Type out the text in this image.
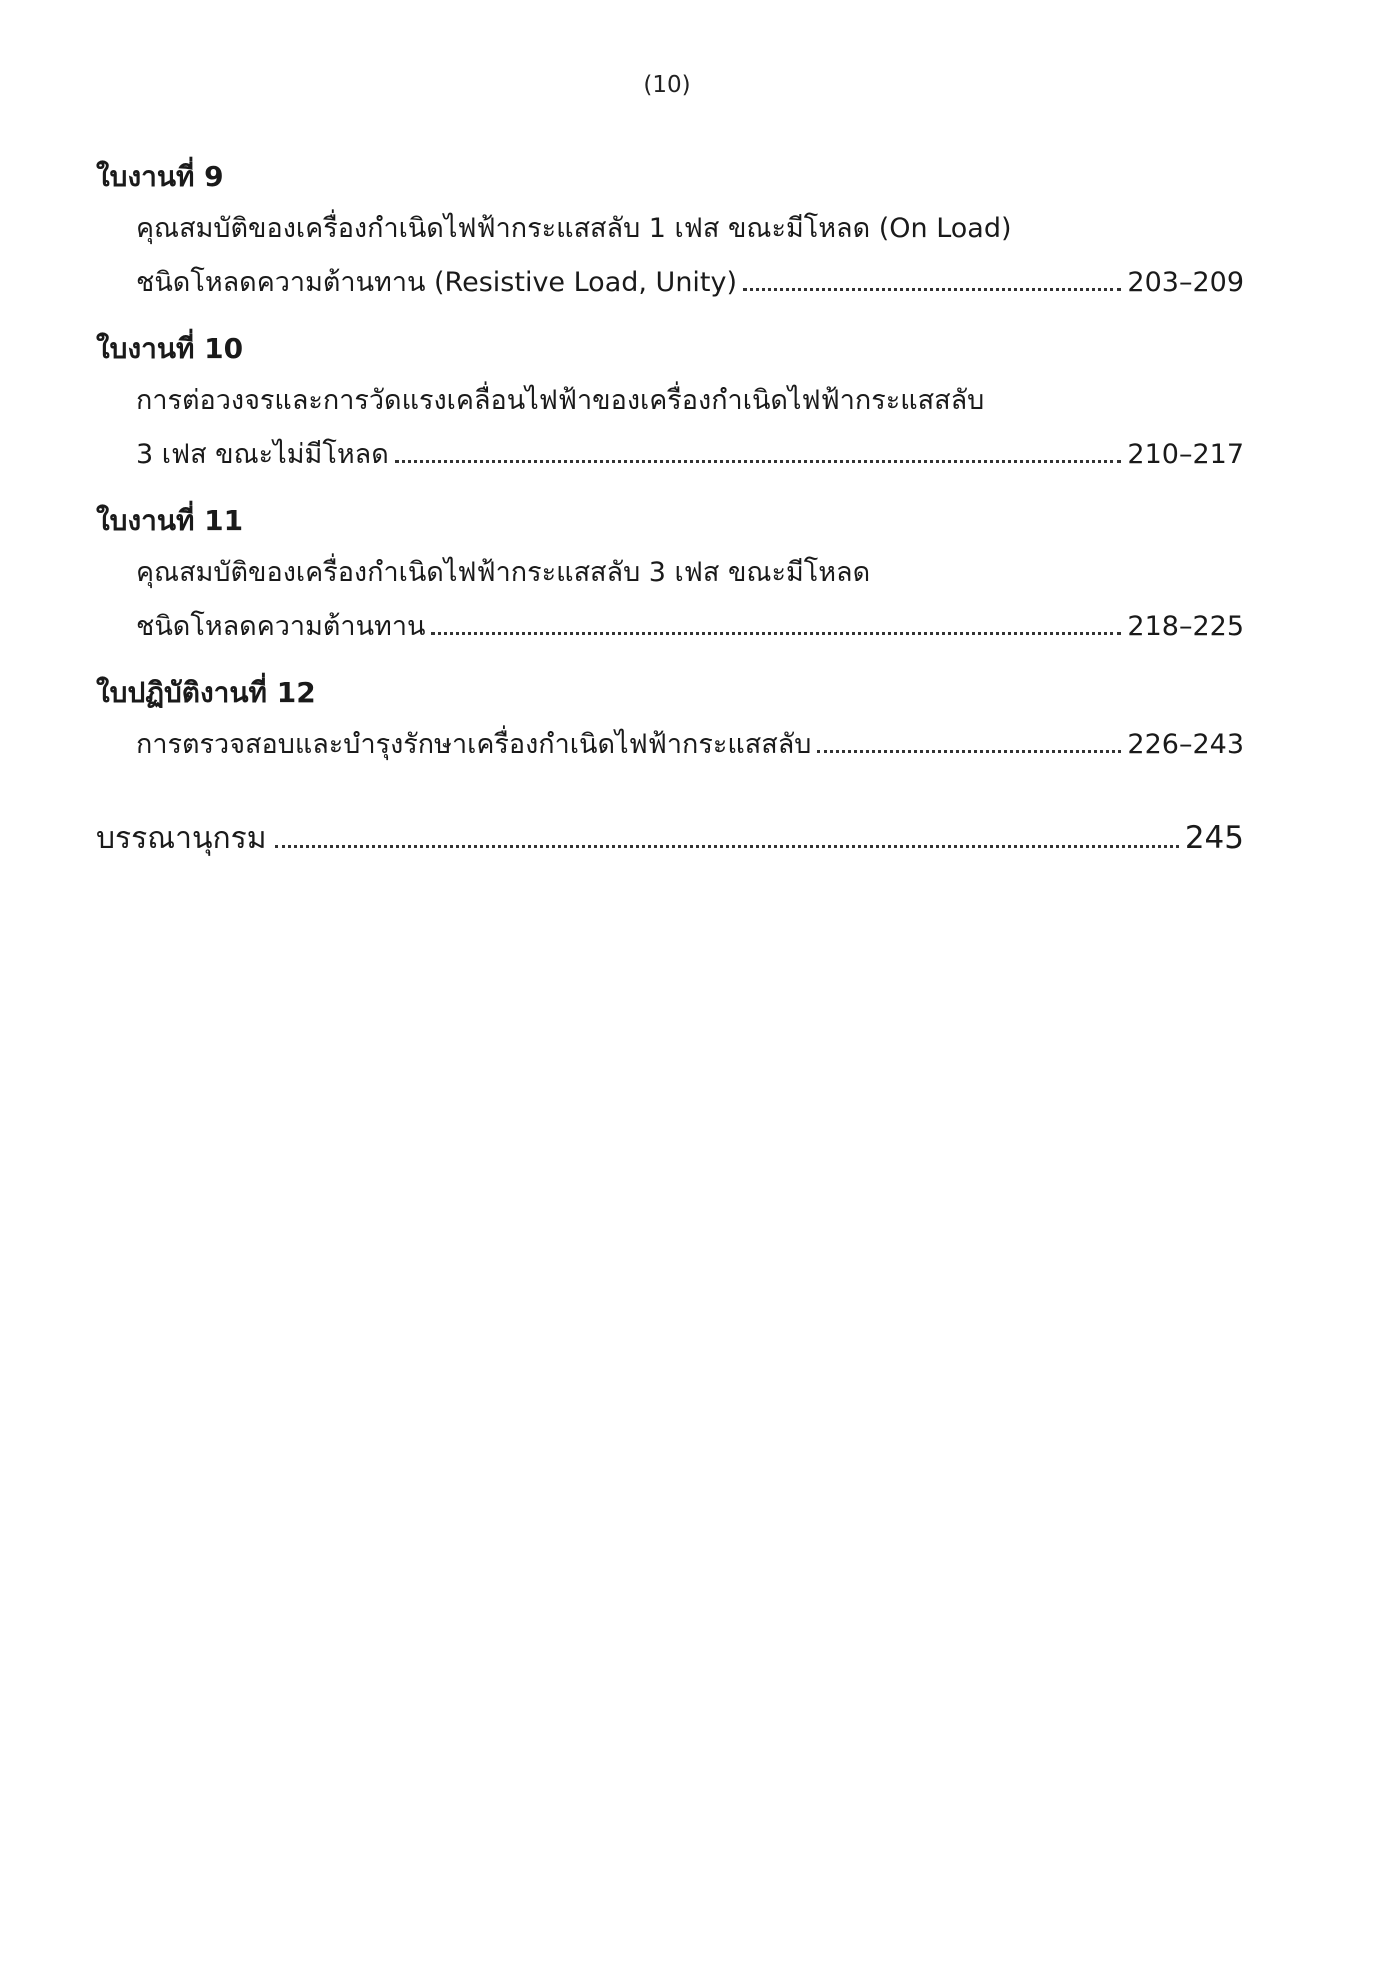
(10)
ใบงานที่ 9
คุณสมบัติของเครื่องกำเนิดไฟฟ้ากระแสสลับ 1 เฟส ขณะมีโหลด (On Load)
ชนิดโหลดความต้านทาน (Resistive Load, Unity)	203–209
ใบงานที่ 10
การต่อวงจรและการวัดแรงเคลื่อนไฟฟ้าของเครื่องกำเนิดไฟฟ้ากระแสสลับ
3 เฟส ขณะไม่มีโหลด	210–217
ใบงานที่ 11
คุณสมบัติของเครื่องกำเนิดไฟฟ้ากระแสสลับ 3 เฟส ขณะมีโหลด
ชนิดโหลดความต้านทาน	218–225
ใบปฏิบัติงานที่ 12
การตรวจสอบและบำรุงรักษาเครื่องกำเนิดไฟฟ้ากระแสสลับ	226–243
บรรณานุกรม	245
